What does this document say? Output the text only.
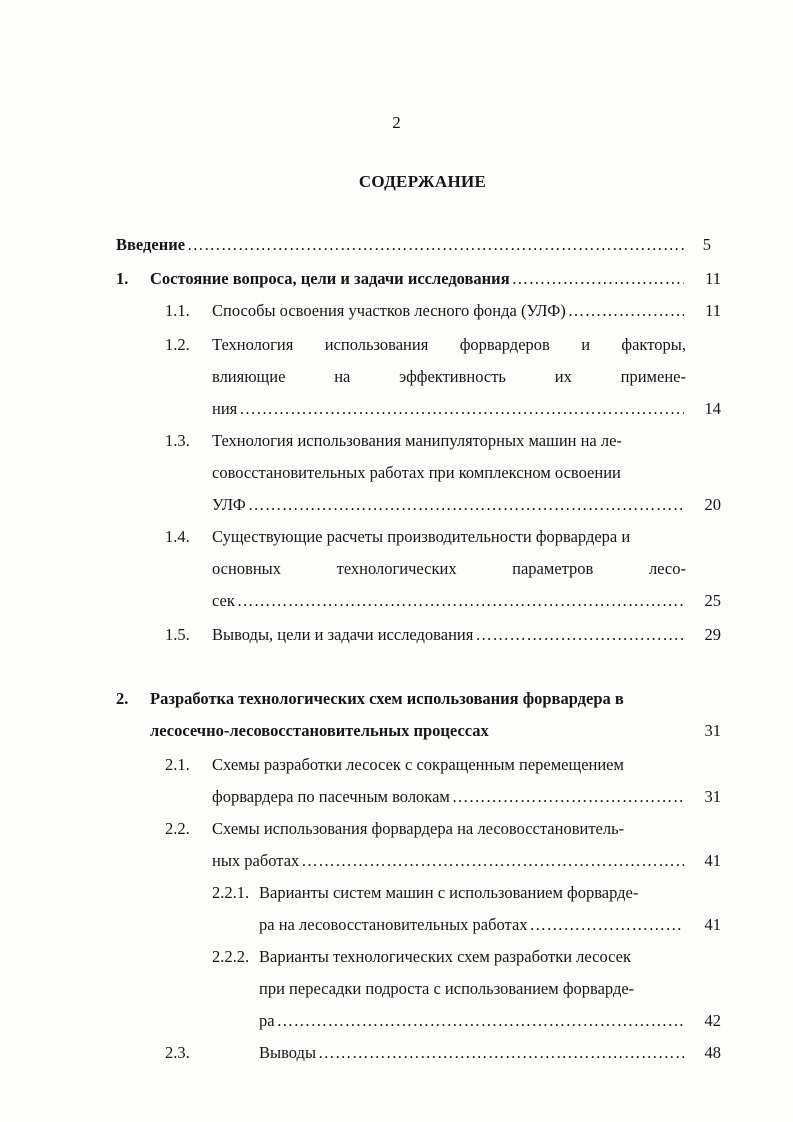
2
СОДЕРЖАНИЕ
Введение ……………………………………………………………………………………………………………………………………………………………………………………	5
1. Состояние вопроса, цели и задачи исследования ……………………………………………………………………………………………………………………………………………………………………………………	11
1.1. Способы освоения участков лесного фонда (УЛФ) ……………………………………………………………………………………………………………………………………………………………………………………	11
1.2. Технология использования форвардеров и факторы,
влияющие	на	эффективность	их	примене-
ния ……………………………………………………………………………………………………………………………………………………………………………………	14
1.3. Технология использования манипуляторных машин на ле-
совосстановительных работах при комплексном освоении
УЛФ ……………………………………………………………………………………………………………………………………………………………………………………	20
1.4. Существующие расчеты производительности форвардера и
основных	технологических	параметров	лесо-
сек ……………………………………………………………………………………………………………………………………………………………………………………	25
1.5. Выводы, цели и задачи исследования ……………………………………………………………………………………………………………………………………………………………………………………	29
2. Разработка технологических схем использования форвардера в
лесосечно-лесовосстановительных процессах	31
2.1. Схемы разработки лесосек с сокращенным перемещением
форвардера по пасечным волокам ……………………………………………………………………………………………………………………………………………………………………………………	31
2.2. Схемы использования форвардера на лесовосстановитель-
ных работах ……………………………………………………………………………………………………………………………………………………………………………………	41
2.2.1. Варианты систем машин с использованием форварде-
ра на лесовосстановительных работах ……………………………………………………………………………………………………………………………………………………………………………………	41
2.2.2. Варианты технологических схем разработки лесосек
при пересадки подроста с использованием форварде-
ра ……………………………………………………………………………………………………………………………………………………………………………………	42
2.3.	Выводы ……………………………………………………………………………………………………………………………………………………………………………………	48
